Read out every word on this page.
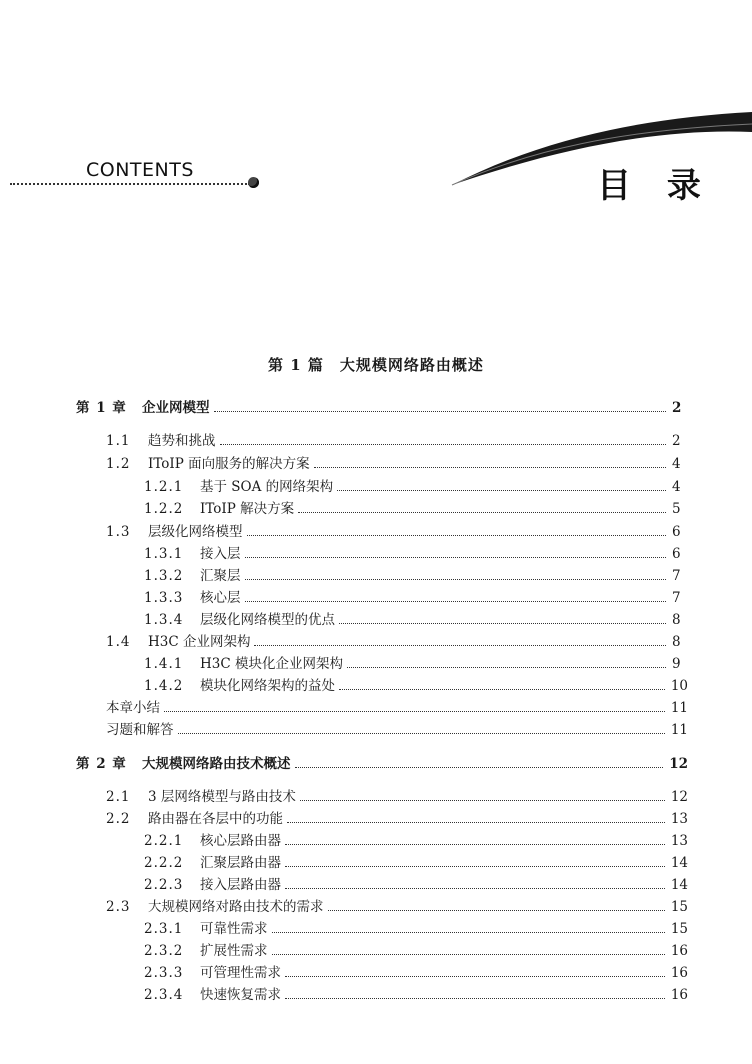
CONTENTS	目 录
第 1 篇　大规模网络路由概述
第 1 章	企业网模型	2
1.1	趋势和挑战	2
1.2	IToIP 面向服务的解决方案	4
1.2.1	基于 SOA 的网络架构	4
1.2.2	IToIP 解决方案	5
1.3	层级化网络模型	6
1.3.1	接入层	6
1.3.2	汇聚层	7
1.3.3	核心层	7
1.3.4	层级化网络模型的优点	8
1.4	H3C 企业网架构	8
1.4.1	H3C 模块化企业网架构	9
1.4.2	模块化网络架构的益处	10
本章小结	11
习题和解答	11
第 2 章	大规模网络路由技术概述	12
2.1	3 层网络模型与路由技术	12
2.2	路由器在各层中的功能	13
2.2.1	核心层路由器	13
2.2.2	汇聚层路由器	14
2.2.3	接入层路由器	14
2.3	大规模网络对路由技术的需求	15
2.3.1	可靠性需求	15
2.3.2	扩展性需求	16
2.3.3	可管理性需求	16
2.3.4	快速恢复需求	16
